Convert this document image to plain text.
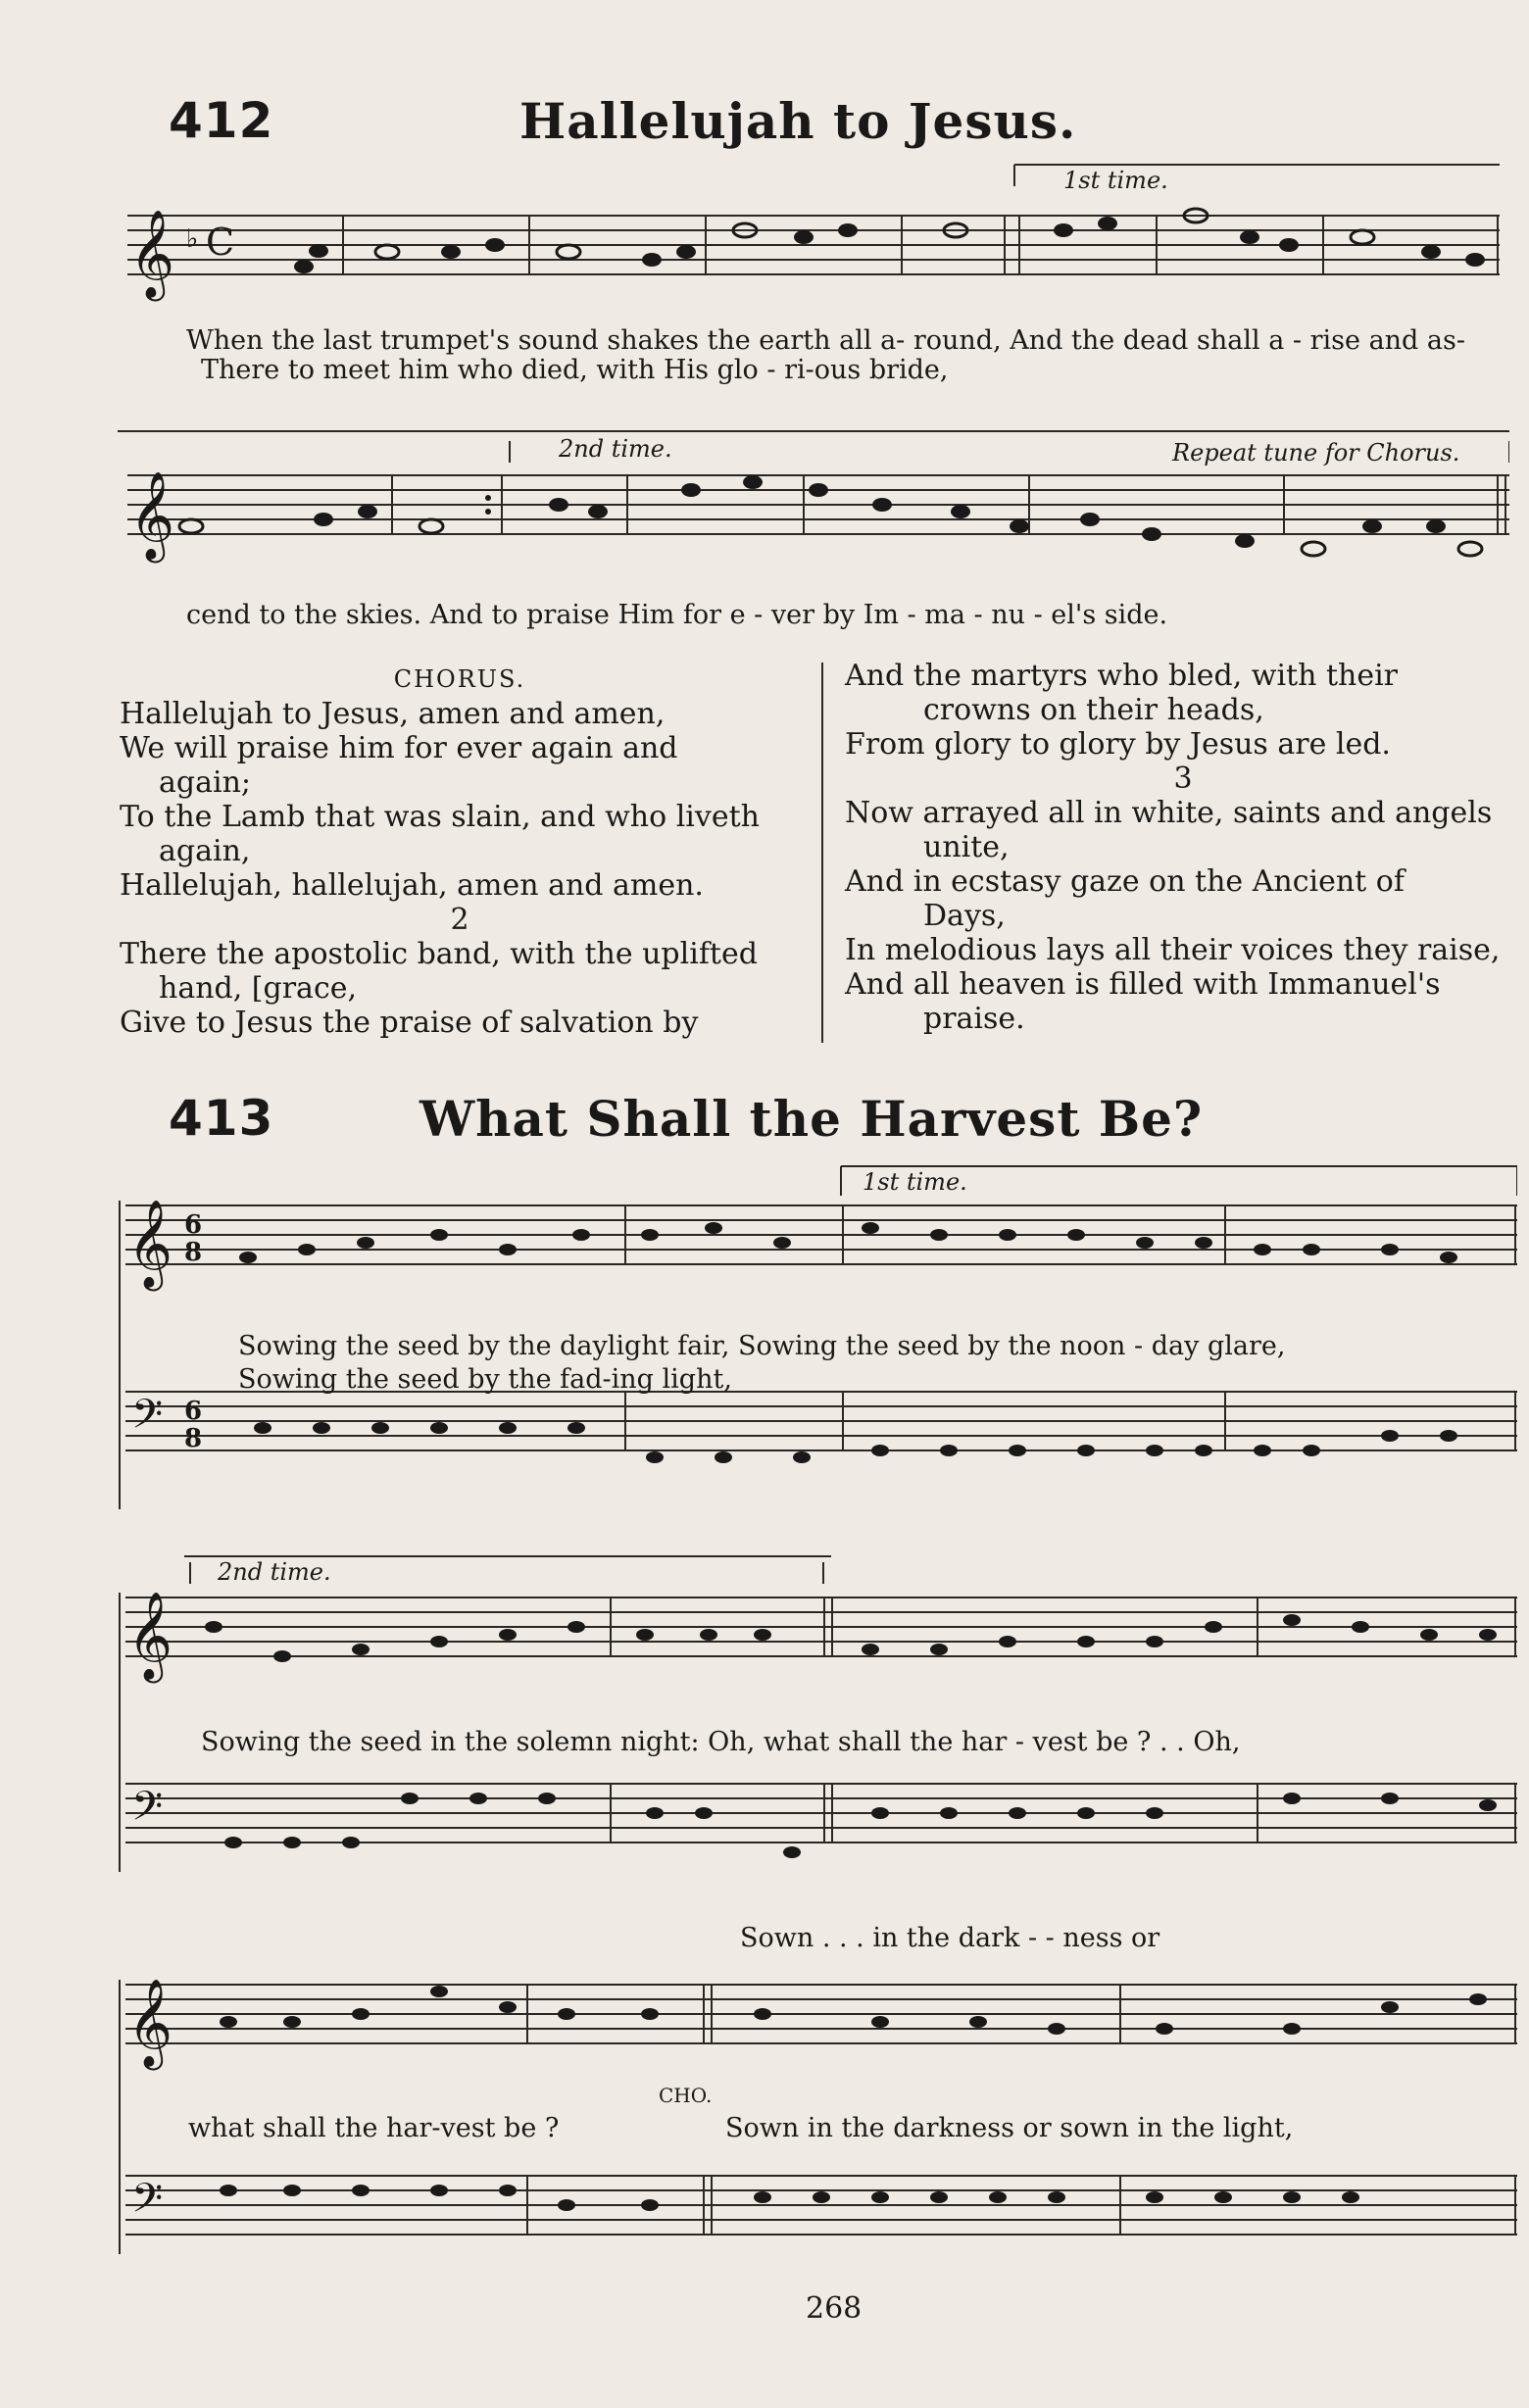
412	Hallelujah to Jesus.
𝄞 ♭ C
1st time.
When the last trumpet's sound shakes the earth all a- round, And the dead shall a - rise and as-
There to meet him who died, with His glo - ri-ous bride,
𝄞
2nd time.	Repeat tune for Chorus.
cend to the skies. And to praise Him for e - ver by Im - ma - nu - el's side.

CHORUS.

Hallelujah to Jesus, amen and amen,

We will praise him for ever again and

again;

To the Lamb that was slain, and who liveth

again,

Hallelujah, hallelujah, amen and amen.

2

There the apostolic band, with the uplifted

hand, [grace,

Give to Jesus the praise of salvation by

And the martyrs who bled, with their

crowns on their heads,

From glory to glory by Jesus are led.

3

Now arrayed all in white, saints and angels

unite,

And in ecstasy gaze on the Ancient of

Days,

In melodious lays all their voices they raise,

And all heaven is filled with Immanuel's

praise.

413	What Shall the Harvest Be?
𝄞 6
8
𝄢 6
8
1st time.
Sowing the seed by the daylight fair, Sowing the seed by the noon - day glare,
Sowing the seed by the fad-ing light,
𝄞
𝄢
2nd time.
Sowing the seed in the solemn night: Oh, what shall the har - vest be ? . . Oh,
Sown . . . in the dark - - ness or
𝄞
𝄢
what shall the har-vest be ?
CHO.
Sown in the darkness or sown in the light,
268
